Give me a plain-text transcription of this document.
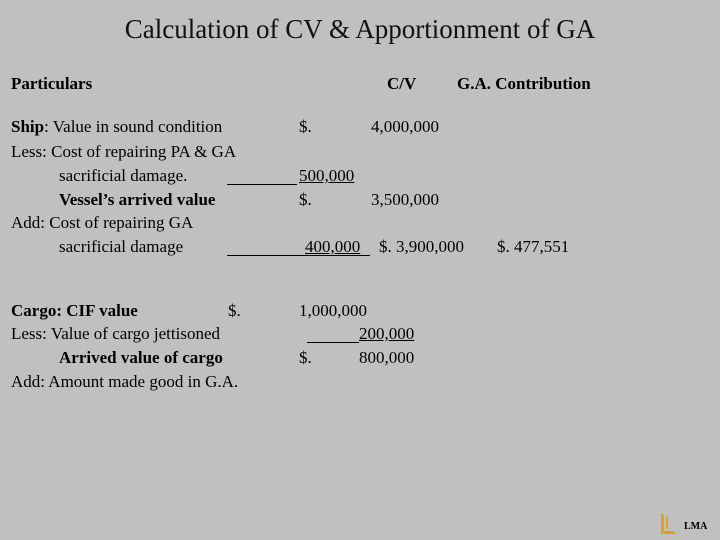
Calculation of CV & Apportionment of GA
Particulars	C/V G.A. Contribution
Ship: Value in sound condition	$.	4,000,000
Less: Cost of repairing PA & GA
sacrificial damage.	500,000
Vessel’s arrived value	$.	3,500,000
Add: Cost of repairing GA
sacrificial damage	400,000 $. 3,900,000 $. 477,551
Cargo: CIF value	$.	1,000,000
Less: Value of cargo jettisoned	200,000
Arrived value of cargo	$.	800,000
Add: Amount made good in G.A.
LMA
